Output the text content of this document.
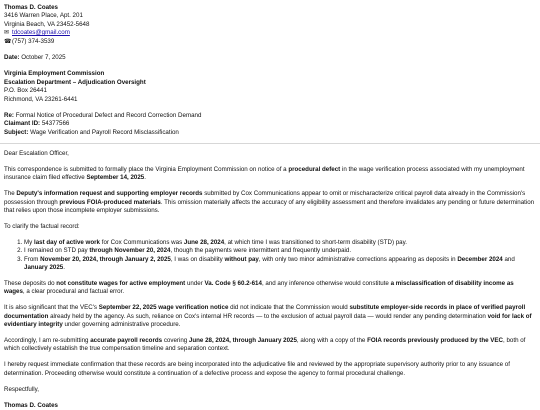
Thomas D. Coates
3416 Warren Place, Apt. 201
Virginia Beach, VA 23452-5648
✉ tdcoates@gmail.com
☎(757) 374-3539
Date: October 7, 2025
Virginia Employment Commission
Escalation Department – Adjudication Oversight
P.O. Box 26441
Richmond, VA 23261-6441
Re: Formal Notice of Procedural Defect and Record Correction Demand
Claimant ID: 54377566
Subject: Wage Verification and Payroll Record Misclassification

Dear Escalation Officer,

This correspondence is submitted to formally place the Virginia Employment Commission on notice of a procedural defect in the wage verification process associated with my unemployment insurance claim filed effective September 14, 2025.

The Deputy's information request and supporting employer records submitted by Cox Communications appear to omit or mischaracterize critical payroll data already in the Commission's possession through previous FOIA-produced materials. This omission materially affects the accuracy of any eligibility assessment and therefore invalidates any pending or future determination that relies upon those incomplete employer submissions.

To clarify the factual record:

1. My last day of active work for Cox Communications was June 28, 2024, at which time I was transitioned to short-term disability (STD) pay.
2. I remained on STD pay through November 20, 2024, though the payments were intermittent and frequently underpaid.
3. From November 20, 2024, through January 2, 2025, I was on disability without pay, with only two minor administrative corrections appearing as deposits in December 2024 and January 2025.

These deposits do not constitute wages for active employment under Va. Code § 60.2-614, and any inference otherwise would constitute a misclassification of disability income as wages, a clear procedural and factual error.

It is also significant that the VEC's September 22, 2025 wage verification notice did not indicate that the Commission would substitute employer-side records in place of verified payroll documentation already held by the agency. As such, reliance on Cox's internal HR records — to the exclusion of actual payroll data — would render any pending determination void for lack of evidentiary integrity under governing administrative procedure.

Accordingly, I am re-submitting accurate payroll records covering June 28, 2024, through January 2025, along with a copy of the FOIA records previously produced by the VEC, both of which collectively establish the true compensation timeline and separation context.

I hereby request immediate confirmation that these records are being incorporated into the adjudicative file and reviewed by the appropriate supervisory authority prior to any issuance of determination. Proceeding otherwise would constitute a continuation of a defective process and expose the agency to formal procedural challenge.

Respectfully,

Thomas D. Coates
